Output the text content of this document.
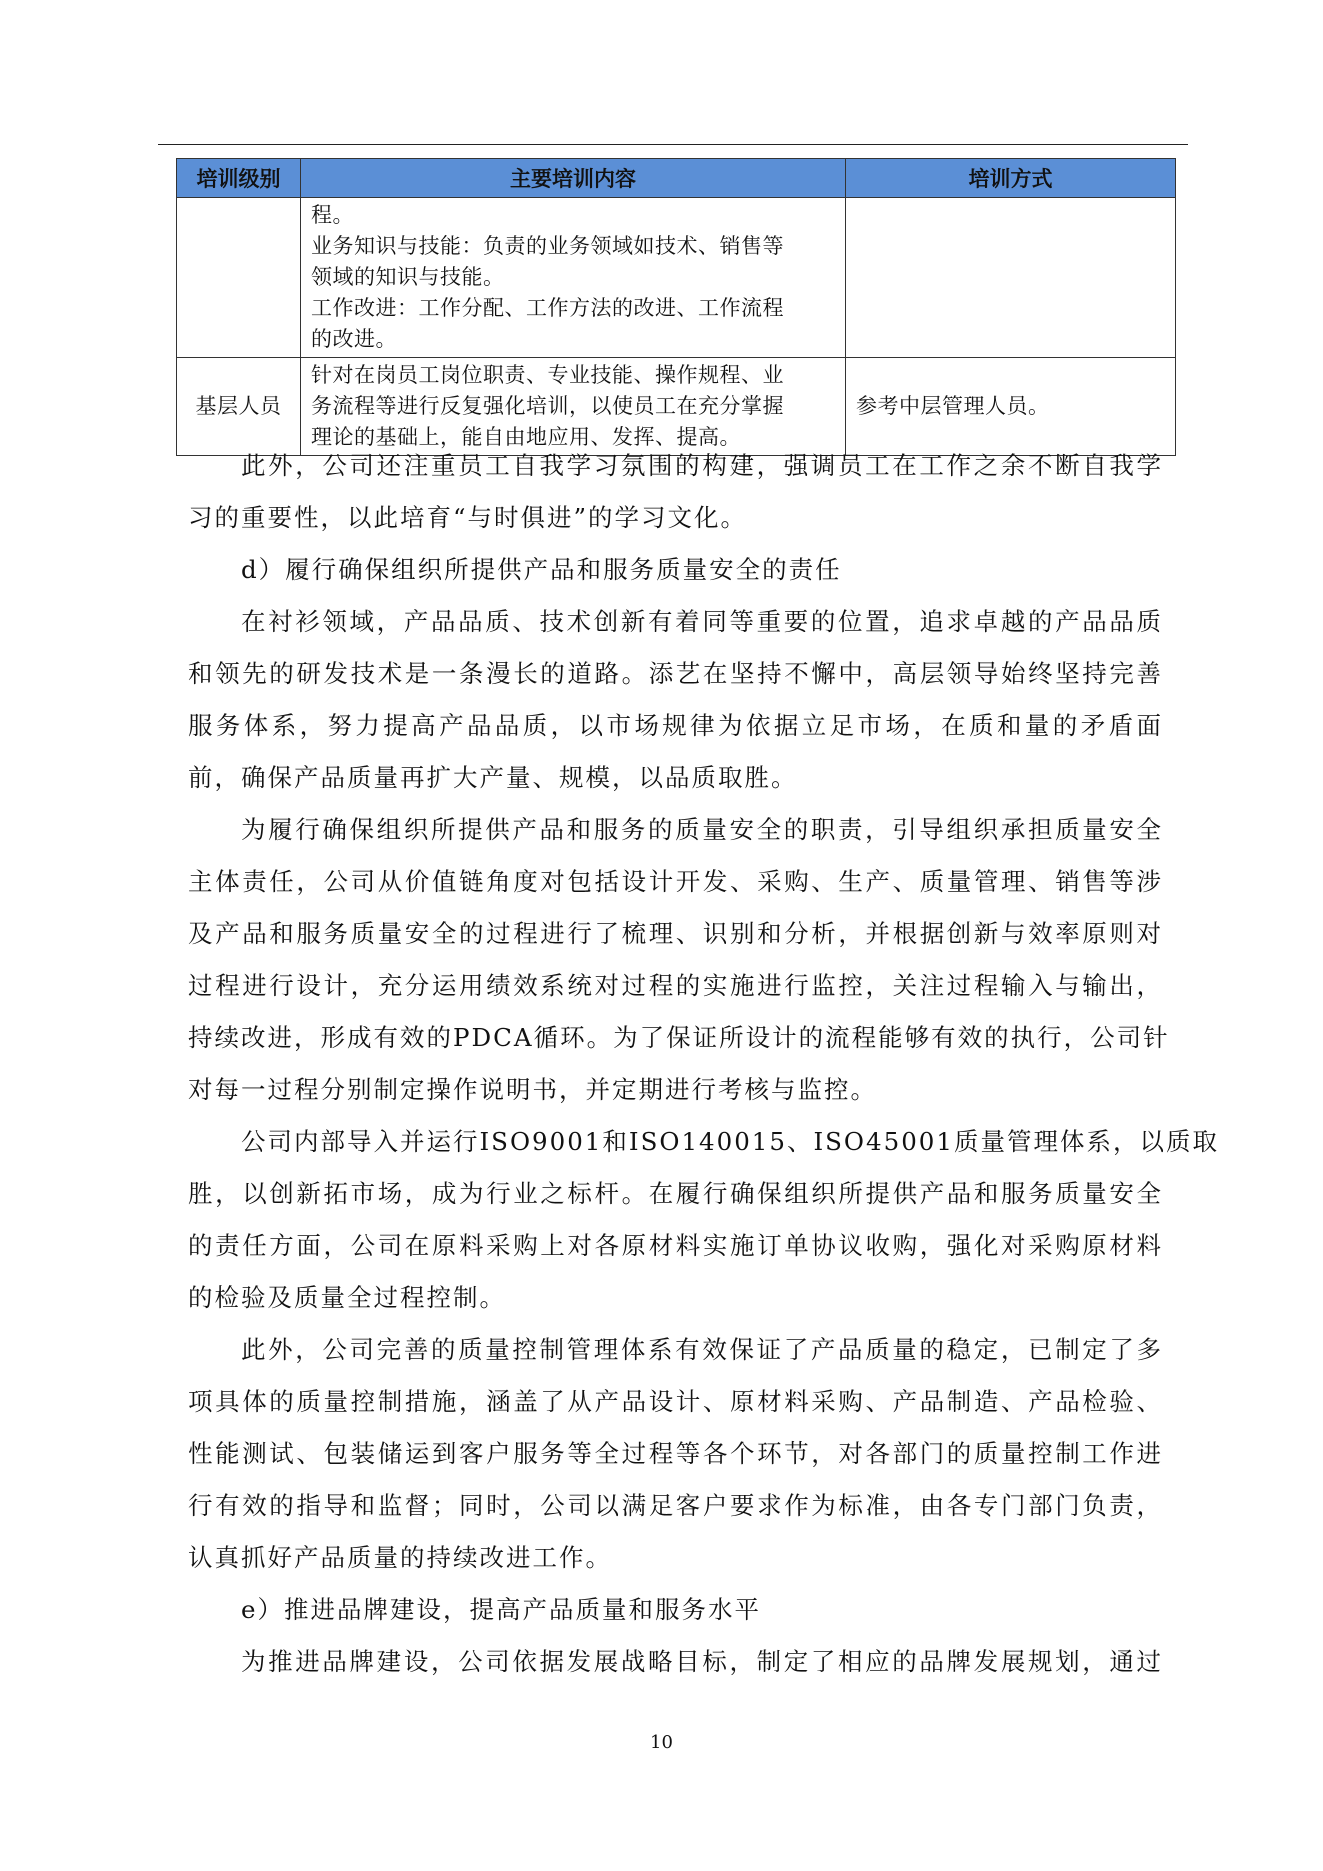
培训级别	主要培训内容	培训方式

	程。
业务知识与技能：负责的业务领域如技术、销售等
领域的知识与技能。
工作改进：工作分配、工作方法的改进、工作流程
的改进。	

基层人员	针对在岗员工岗位职责、专业技能、操作规程、业
务流程等进行反复强化培训，以使员工在充分掌握
理论的基础上，能自由地应用、发挥、提高。	参考中层管理人员。
此外，公司还注重员工自我学习氛围的构建，强调员工在工作之余不断自我学
习的重要性，以此培育“与时俱进”的学习文化。
d）履行确保组织所提供产品和服务质量安全的责任
在衬衫领域，产品品质、技术创新有着同等重要的位置，追求卓越的产品品质
和领先的研发技术是一条漫长的道路。添艺在坚持不懈中，高层领导始终坚持完善
服务体系，努力提高产品品质，以市场规律为依据立足市场，在质和量的矛盾面
前，确保产品质量再扩大产量、规模，以品质取胜。
为履行确保组织所提供产品和服务的质量安全的职责，引导组织承担质量安全
主体责任，公司从价值链角度对包括设计开发、采购、生产、质量管理、销售等涉
及产品和服务质量安全的过程进行了梳理、识别和分析，并根据创新与效率原则对
过程进行设计，充分运用绩效系统对过程的实施进行监控，关注过程输入与输出，
持续改进，形成有效的PDCA循环。为了保证所设计的流程能够有效的执行，公司针
对每一过程分别制定操作说明书，并定期进行考核与监控。
公司内部导入并运行ISO9001和ISO140015、ISO45001质量管理体系，以质取
胜，以创新拓市场，成为行业之标杆。在履行确保组织所提供产品和服务质量安全
的责任方面，公司在原料采购上对各原材料实施订单协议收购，强化对采购原材料
的检验及质量全过程控制。
此外，公司完善的质量控制管理体系有效保证了产品质量的稳定，已制定了多
项具体的质量控制措施，涵盖了从产品设计、原材料采购、产品制造、产品检验、
性能测试、包装储运到客户服务等全过程等各个环节，对各部门的质量控制工作进
行有效的指导和监督；同时，公司以满足客户要求作为标准，由各专门部门负责，
认真抓好产品质量的持续改进工作。
e）推进品牌建设，提高产品质量和服务水平
为推进品牌建设，公司依据发展战略目标，制定了相应的品牌发展规划，通过
10
